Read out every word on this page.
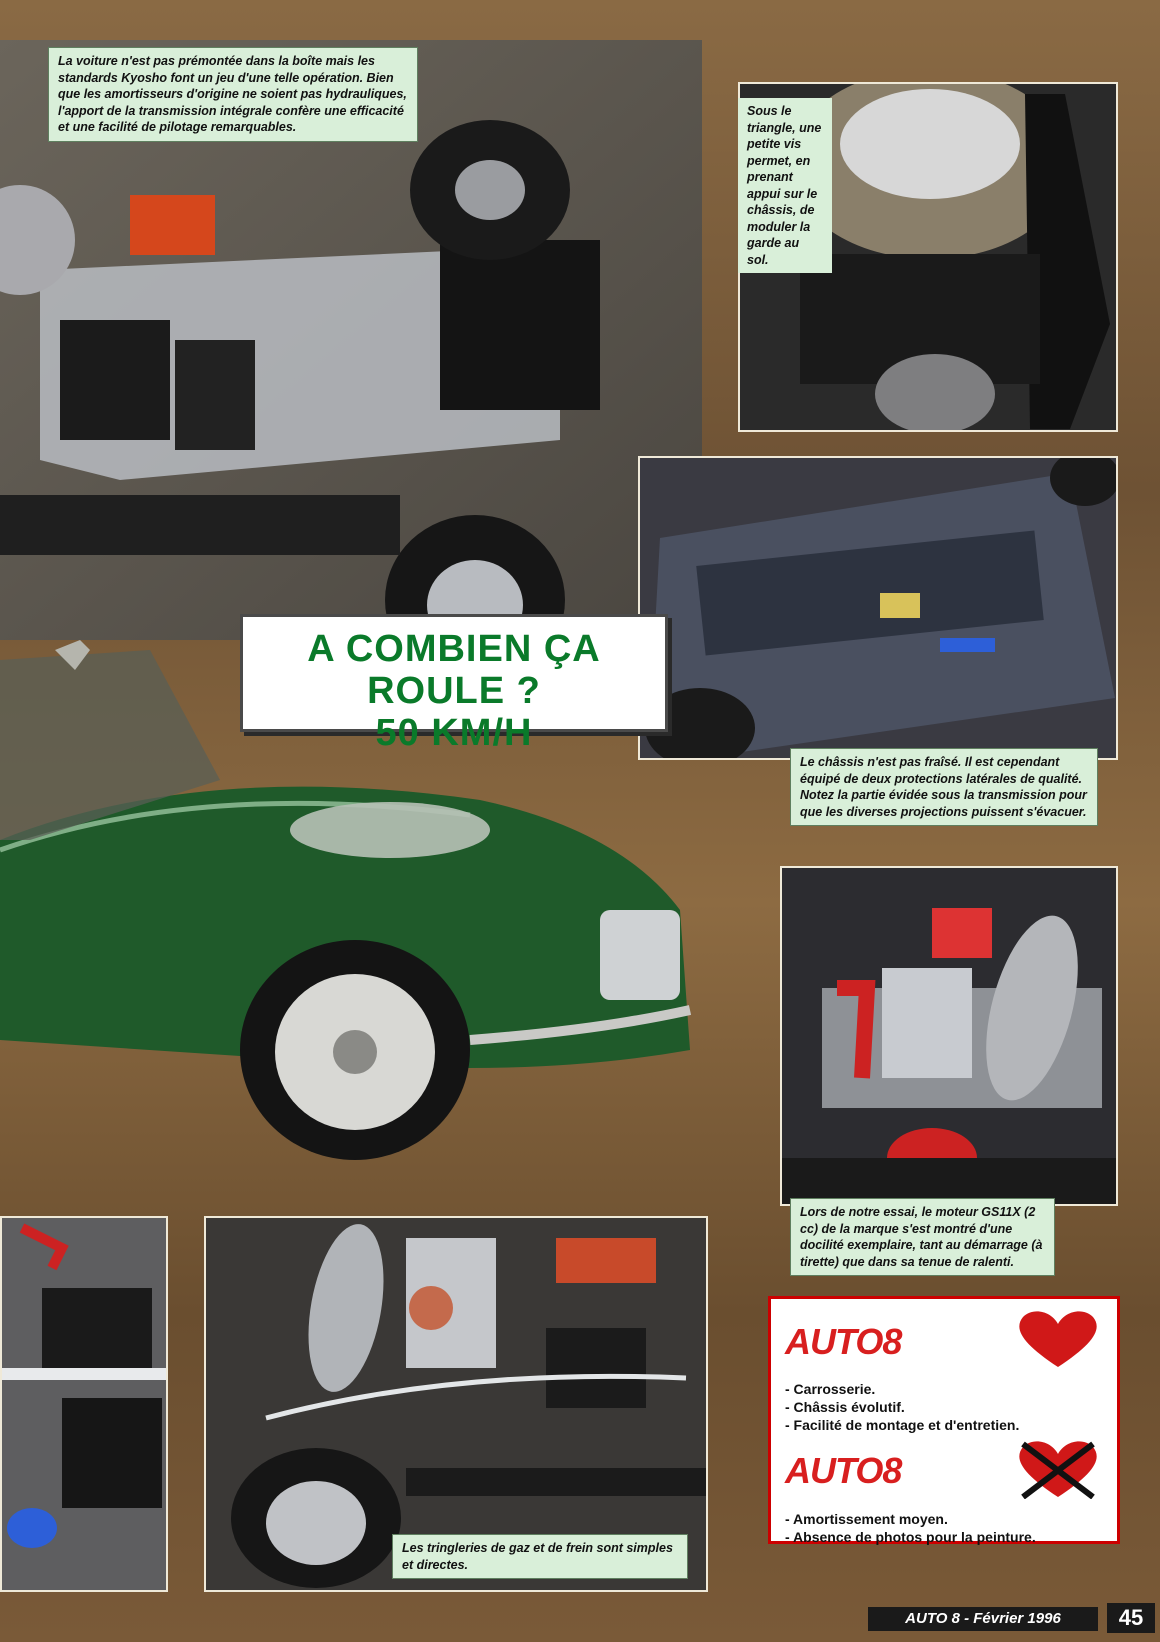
La voiture n'est pas prémontée dans la boîte mais les standards Kyosho font un jeu d'une telle opération. Bien que les amortisseurs d'origine ne soient pas hydrauliques, l'apport de la transmission intégrale confère une efficacité et une facilité de pilotage remarquables.
Sous le triangle, une petite vis permet, en prenant appui sur le châssis, de moduler la garde au sol.
Le châssis n'est pas fraîsé. Il est cependant équipé de deux protections latérales de qualité. Notez la partie évidée sous la transmission pour que les diverses projections puissent s'évacuer.
A COMBIEN ÇA ROULE ?
50 KM/H
Lors de notre essai, le moteur GS11X (2 cc) de la marque s'est montré d'une docilité exemplaire, tant au démarrage (à tirette) que dans sa tenue de ralenti.
Les tringleries de gaz et de frein sont simples et directes.
AUTO8
- Carrosserie.
- Châssis évolutif.
- Facilité de montage et d'entretien.
AUTO8
- Amortissement moyen.
- Absence de photos pour la peinture.
AUTO 8 - Février 1996	45
